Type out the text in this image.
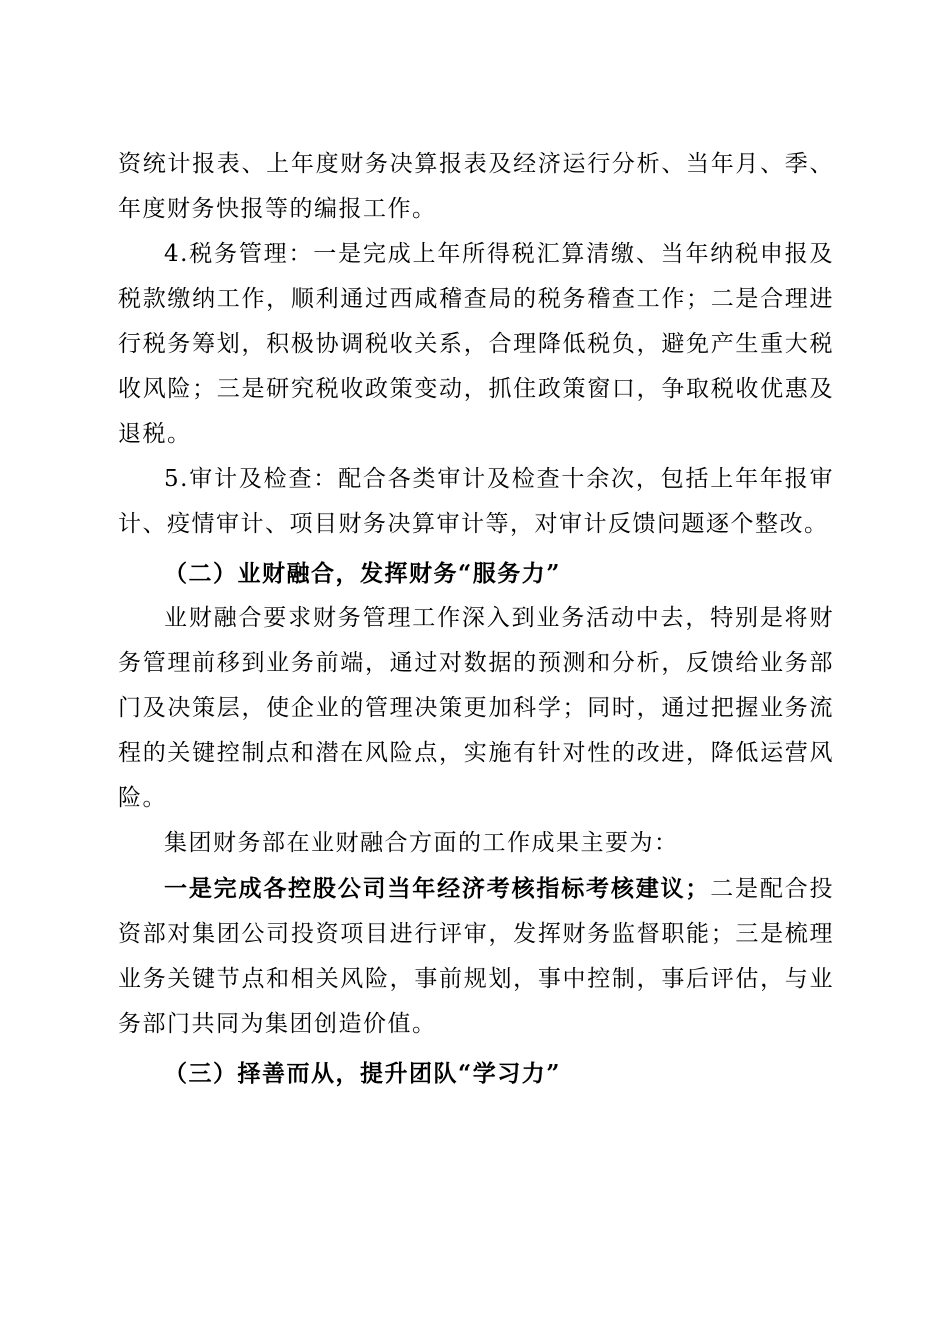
资统计报表、上年度财务决算报表及经济运行分析、当年月、季、年度财务快报等的编报工作。

4.税务管理：一是完成上年所得税汇算清缴、当年纳税申报及税款缴纳工作，顺利通过西咸稽查局的税务稽查工作；二是合理进行税务筹划，积极协调税收关系，合理降低税负，避免产生重大税收风险；三是研究税收政策变动，抓住政策窗口，争取税收优惠及退税。

5.审计及检查：配合各类审计及检查十余次，包括上年年报审计、疫情审计、项目财务决算审计等，对审计反馈问题逐个整改。

（二）业财融合，发挥财务“服务力”

业财融合要求财务管理工作深入到业务活动中去，特别是将财务管理前移到业务前端，通过对数据的预测和分析，反馈给业务部门及决策层，使企业的管理决策更加科学；同时，通过把握业务流程的关键控制点和潜在风险点，实施有针对性的改进，降低运营风险。

集团财务部在业财融合方面的工作成果主要为：

一是完成各控股公司当年经济考核指标考核建议；二是配合投资部对集团公司投资项目进行评审，发挥财务监督职能；三是梳理业务关键节点和相关风险，事前规划，事中控制，事后评估，与业务部门共同为集团创造价值。

（三）择善而从，提升团队“学习力”
